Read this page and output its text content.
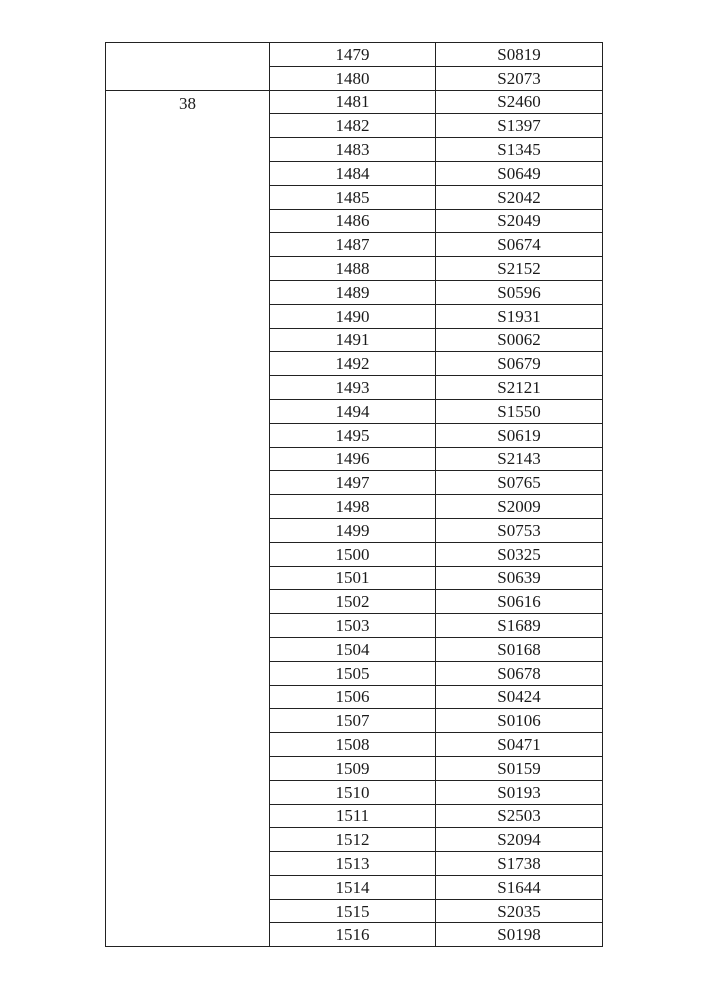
	1479	S0819
	1480	S2073
38	1481	S2460
	1482	S1397
	1483	S1345
	1484	S0649
	1485	S2042
	1486	S2049
	1487	S0674
	1488	S2152
	1489	S0596
	1490	S1931
	1491	S0062
	1492	S0679
	1493	S2121
	1494	S1550
	1495	S0619
	1496	S2143
	1497	S0765
	1498	S2009
	1499	S0753
	1500	S0325
	1501	S0639
	1502	S0616
	1503	S1689
	1504	S0168
	1505	S0678
	1506	S0424
	1507	S0106
	1508	S0471
	1509	S0159
	1510	S0193
	1511	S2503
	1512	S2094
	1513	S1738
	1514	S1644
	1515	S2035
	1516	S0198
